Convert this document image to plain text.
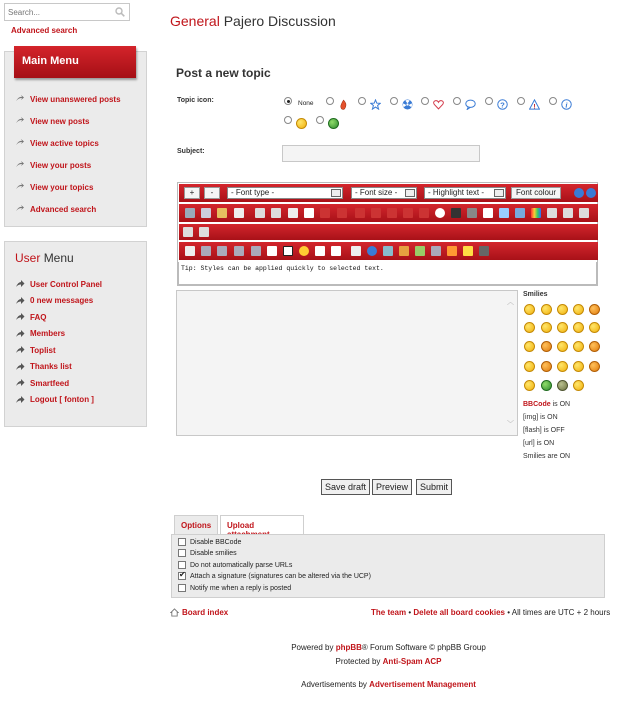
Search...
Advanced search
Main Menu
View unanswered posts
View new posts
View active topics
View your posts
View your topics
Advanced search
User Menu
User Control Panel
0 new messages
FAQ
Members
Toplist
Thanks list
Smartfeed
Logout [ fonton ]
General Pajero Discussion
Post a new topic
Topic icon:	None	?	!	i
Subject:
+	-	- Font type -	- Font size -	- Highlight text -	Font colour
Tip: Styles can be applied quickly to selected text.
︿
﹀
Smilies
BBCode is ON
[img] is ON
[flash] is OFF
[url] is ON
Smilies are ON
Save draft	Preview	Submit
Options	Upload
Disable BBCode
Disable smilies
Do not automatically parse URLs
✔
Attach a signature (signatures can be altered via the UCP)
Notify me when a reply is posted
Board index	The team • Delete all board cookies • All times are UTC + 2 hours
Powered by phpBB® Forum Software © phpBB Group
Protected by Anti-Spam ACP
Advertisements by Advertisement Management
